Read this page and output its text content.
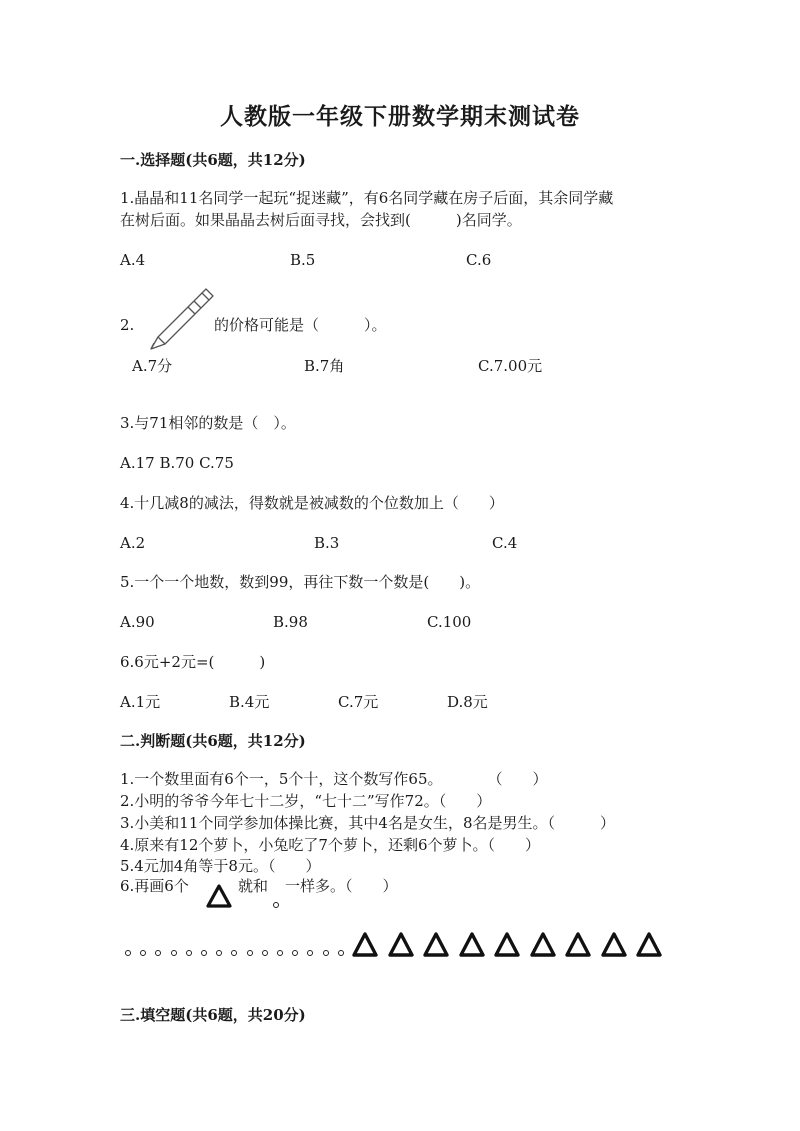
人教版一年级下册数学期末测试卷
一.选择题(共6题，共12分)
1.晶晶和11名同学一起玩“捉迷藏”，有6名同学藏在房子后面，其余同学藏
在树后面。如果晶晶去树后面寻找，会找到(　　　)名同学。
A.4	B.5	C.6
2.	的价格可能是（　　　）。
A.7分	B.7角	C.7.00元
3.与71相邻的数是（　）。
A.17 B.70 C.75
4.十几减8的减法，得数就是被减数的个位数加上（　　）
A.2	B.3	C.4
5.一个一个地数，数到99，再往下数一个数是(　　)。
A.90	B.98	C.100
6.6元+2元=(　　　)
A.1元	B.4元	C.7元	D.8元
二.判断题(共6题，共12分)
1.一个数里面有6个一，5个十，这个数写作65。　　　　（　　）
2.小明的爷爷今年七十二岁，“七十二”写作72。（　　）
3.小美和11个同学参加体操比赛，其中4名是女生，8名是男生。（　　　）
4.原来有12个萝卜，小兔吃了7个萝卜，还剩6个萝卜。（　　）
5.4元加4角等于8元。（　　）
6.再画6个	就和 一样多。（　　）
三.填空题(共6题，共20分)
